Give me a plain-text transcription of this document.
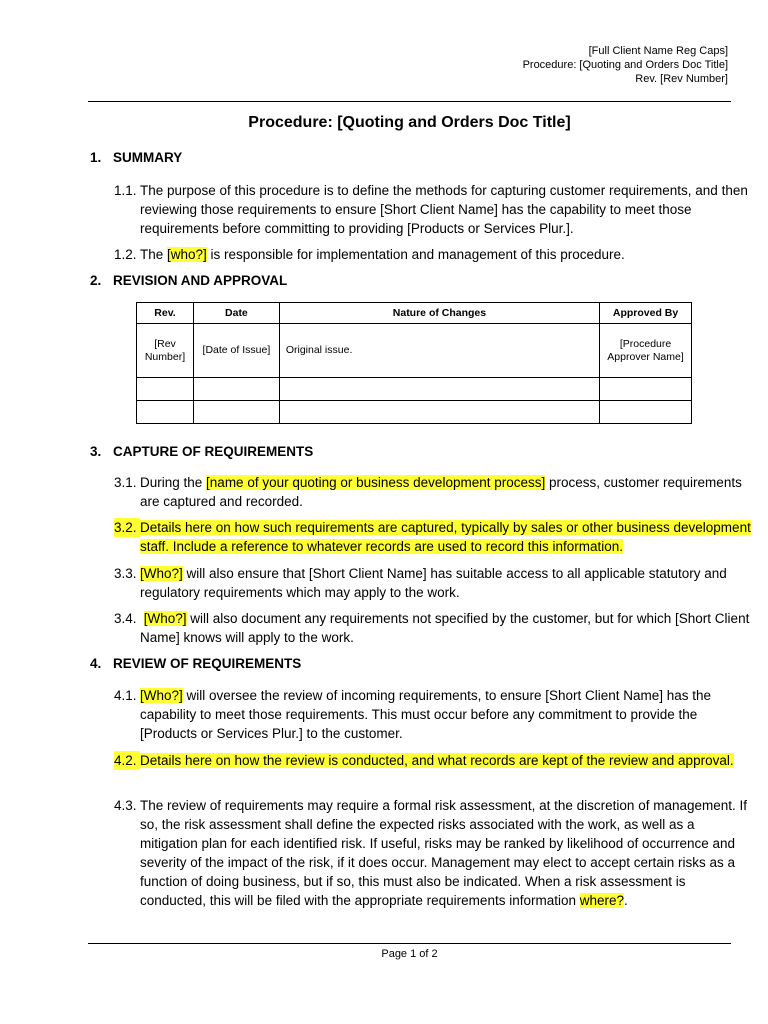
[Full Client Name Reg Caps]
Procedure: [Quoting and Orders Doc Title]
Rev. [Rev Number]
Procedure: [Quoting and Orders Doc Title]
1. SUMMARY
1.1. The purpose of this procedure is to define the methods for capturing customer requirements, and then reviewing those requirements to ensure [Short Client Name] has the capability to meet those requirements before committing to providing [Products or Services Plur.].
1.2. The [who?] is responsible for implementation and management of this procedure.
2. REVISION AND APPROVAL
Rev.	Date	Nature of Changes	Approved By
[Rev Number]	[Date of Issue]	Original issue.	[Procedure Approver Name]

3. CAPTURE OF REQUIREMENTS
3.1. During the [name of your quoting or business development process] process, customer requirements are captured and recorded.
3.2. Details here on how such requirements are captured, typically by sales or other business development staff. Include a reference to whatever records are used to record this information.
3.3. [Who?] will also ensure that [Short Client Name] has suitable access to all applicable statutory and regulatory requirements which may apply to the work.
3.4. [Who?] will also document any requirements not specified by the customer, but for which [Short Client Name] knows will apply to the work.
4. REVIEW OF REQUIREMENTS
4.1. [Who?] will oversee the review of incoming requirements, to ensure [Short Client Name] has the capability to meet those requirements. This must occur before any commitment to provide the [Products or Services Plur.] to the customer.
4.2. Details here on how the review is conducted, and what records are kept of the review and approval.
4.3. The review of requirements may require a formal risk assessment, at the discretion of management. If so, the risk assessment shall define the expected risks associated with the work, as well as a mitigation plan for each identified risk. If useful, risks may be ranked by likelihood of occurrence and severity of the impact of the risk, if it does occur. Management may elect to accept certain risks as a function of doing business, but if so, this must also be indicated. When a risk assessment is conducted, this will be filed with the appropriate requirements information where?.
Page 1 of 2
